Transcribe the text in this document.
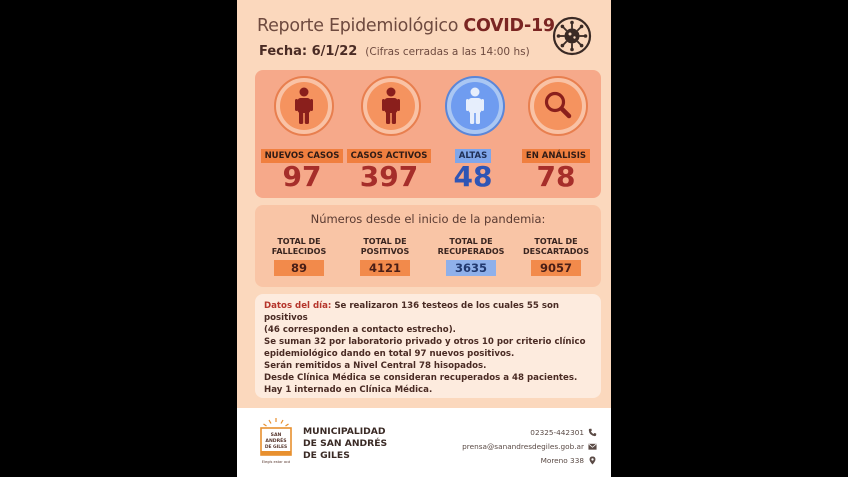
Reporte Epidemiológico COVID-19
Fecha: 6/1/22 (Cifras cerradas a las 14:00 hs)
NUEVOS CASOS
97
CASOS ACTIVOS
397
ALTAS
48
EN ANÁLISIS
78
Números desde el inicio de la pandemia:
TOTAL DE
FALLECIDOS
89
TOTAL DE
POSITIVOS
4121
TOTAL DE
RECUPERADOS
3635
TOTAL DE
DESCARTADOS
9057
Datos del día: Se realizaron 136 testeos de los cuales 55 son positivos
(46 corresponden a contacto estrecho).
Se suman 32 por laboratorio privado y otros 10 por criterio clínico
epidemiológico dando en total 97 nuevos positivos.
Serán remitidos a Nivel Central 78 hisopados.
Desde Clínica Médica se consideran recuperados a 48 pacientes.
Hay 1 internado en Clínica Médica.
SAN
ANDRÉS
DE GILES
Elegís estar acá
MUNICIPALIDAD
DE SAN ANDRÉS
DE GILES
02325-442301
prensa@sanandresdegiles.gob.ar
Moreno 338
